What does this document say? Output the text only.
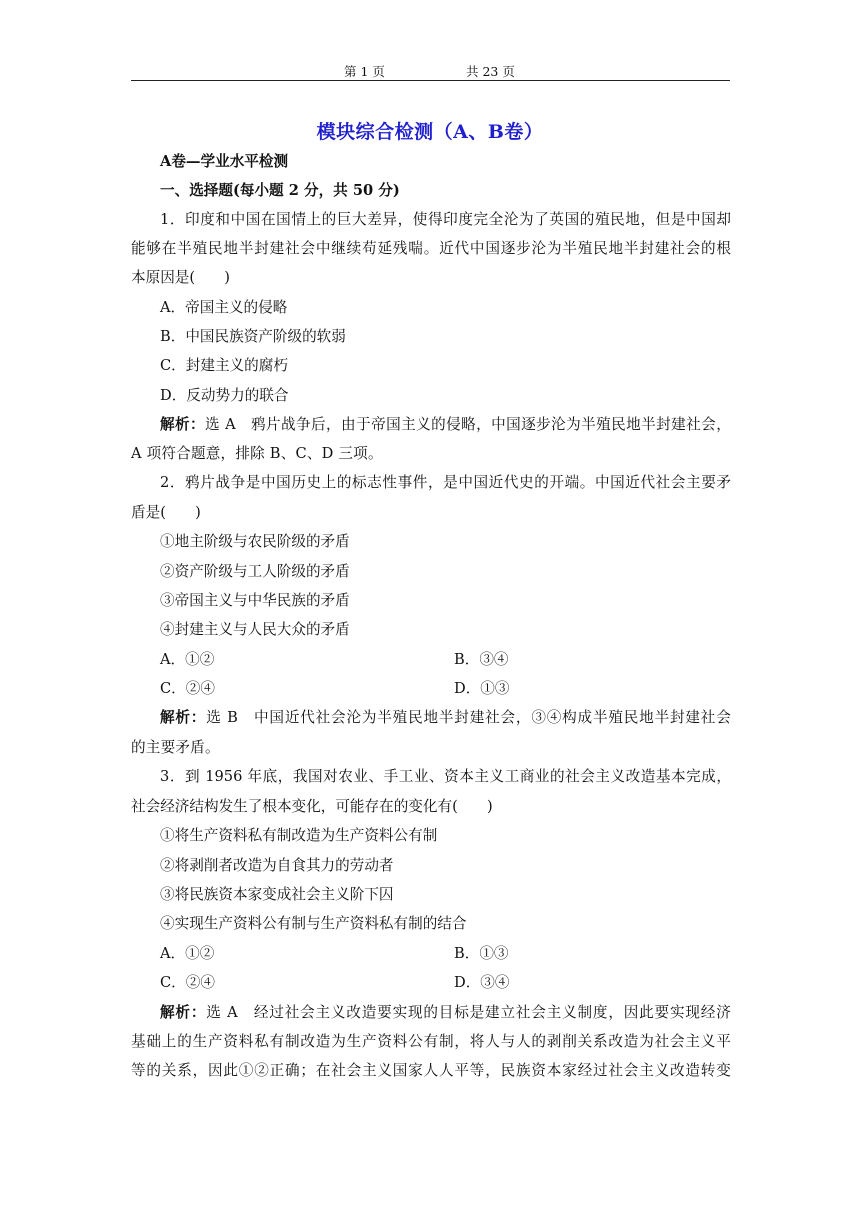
第 1 页	共 23 页
模块综合检测（A、B卷）
A卷—学业水平检测
一、选择题(每小题 2 分，共 50 分)
1．印度和中国在国情上的巨大差异，使得印度完全沦为了英国的殖民地，但是中国却
能够在半殖民地半封建社会中继续苟延残喘。近代中国逐步沦为半殖民地半封建社会的根
本原因是(　　)
A．帝国主义的侵略
B．中国民族资产阶级的软弱
C．封建主义的腐朽
D．反动势力的联合
解析：选 A　鸦片战争后，由于帝国主义的侵略，中国逐步沦为半殖民地半封建社会，
A 项符合题意，排除 B、C、D 三项。
2．鸦片战争是中国历史上的标志性事件，是中国近代史的开端。中国近代社会主要矛
盾是(　　)
①地主阶级与农民阶级的矛盾
②资产阶级与工人阶级的矛盾
③帝国主义与中华民族的矛盾
④封建主义与人民大众的矛盾
A．①②	B．③④
C．②④	D．①③
解析：选 B　中国近代社会沦为半殖民地半封建社会，③④构成半殖民地半封建社会
的主要矛盾。
3．到 1956 年底，我国对农业、手工业、资本主义工商业的社会主义改造基本完成，
社会经济结构发生了根本变化，可能存在的变化有(　　)
①将生产资料私有制改造为生产资料公有制
②将剥削者改造为自食其力的劳动者
③将民族资本家变成社会主义阶下囚
④实现生产资料公有制与生产资料私有制的结合
A．①②	B．①③
C．②④	D．③④
解析：选 A　经过社会主义改造要实现的目标是建立社会主义制度，因此要实现经济
基础上的生产资料私有制改造为生产资料公有制，将人与人的剥削关系改造为社会主义平
等的关系，因此①②正确；在社会主义国家人人平等，民族资本家经过社会主义改造转变
